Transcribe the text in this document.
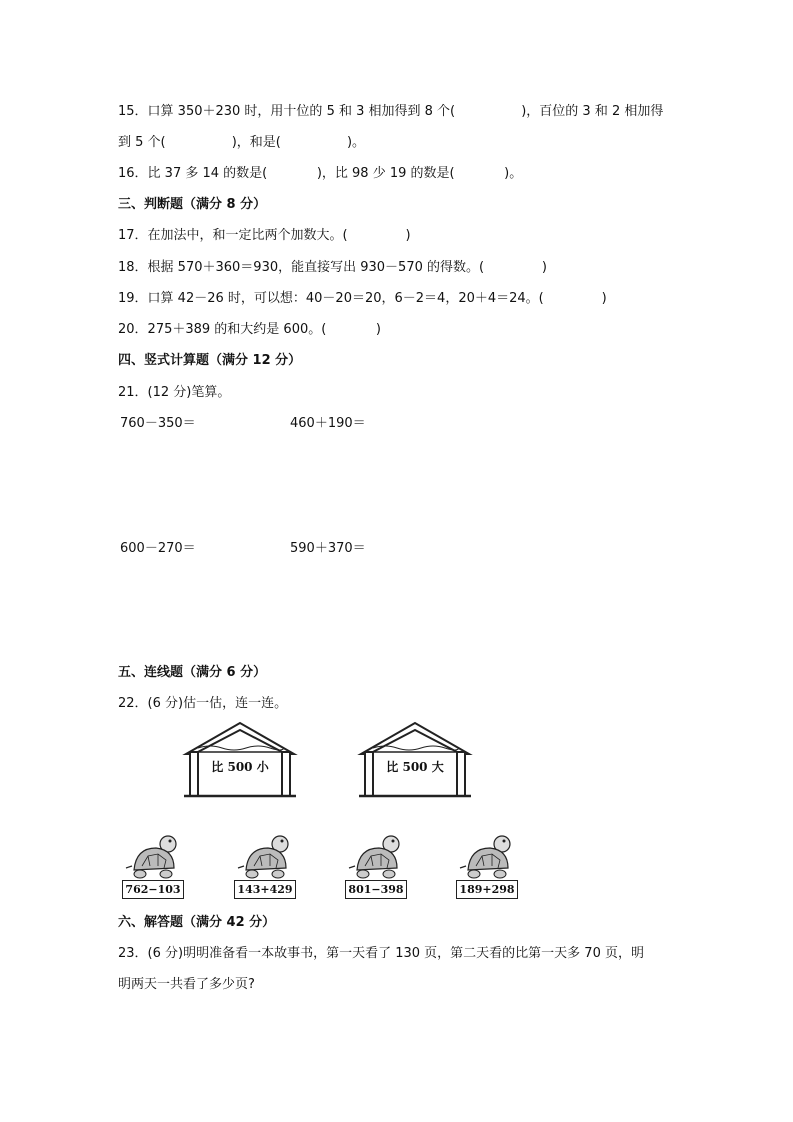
15．口算 350＋230 时，用十位的 5 和 3 相加得到 8 个(                )，百位的 3 和 2 相加得
到 5 个(                )，和是(                )。
16．比 37 多 14 的数是(            )，比 98 少 19 的数是(            )。
三、判断题（满分 8 分）
17．在加法中，和一定比两个加数大。(              )
18．根据 570＋360＝930，能直接写出 930－570 的得数。(              )
19．口算 42－26 时，可以想：40－20＝20，6－2＝4，20＋4＝24。(              )
20．275＋389 的和大约是 600。(            )
四、竖式计算题（满分 12 分）
21．(12 分)笔算。
760－350＝	460＋190＝
600－270＝	590＋370＝
五、连线题（满分 6 分）
22．(6 分)估一估，连一连。
比 500 小	比 500 大
762−103	143+429	801−398	189+298
六、解答题（满分 42 分）
23．(6 分)明明准备看一本故事书，第一天看了 130 页，第二天看的比第一天多 70 页，明
明两天一共看了多少页?
